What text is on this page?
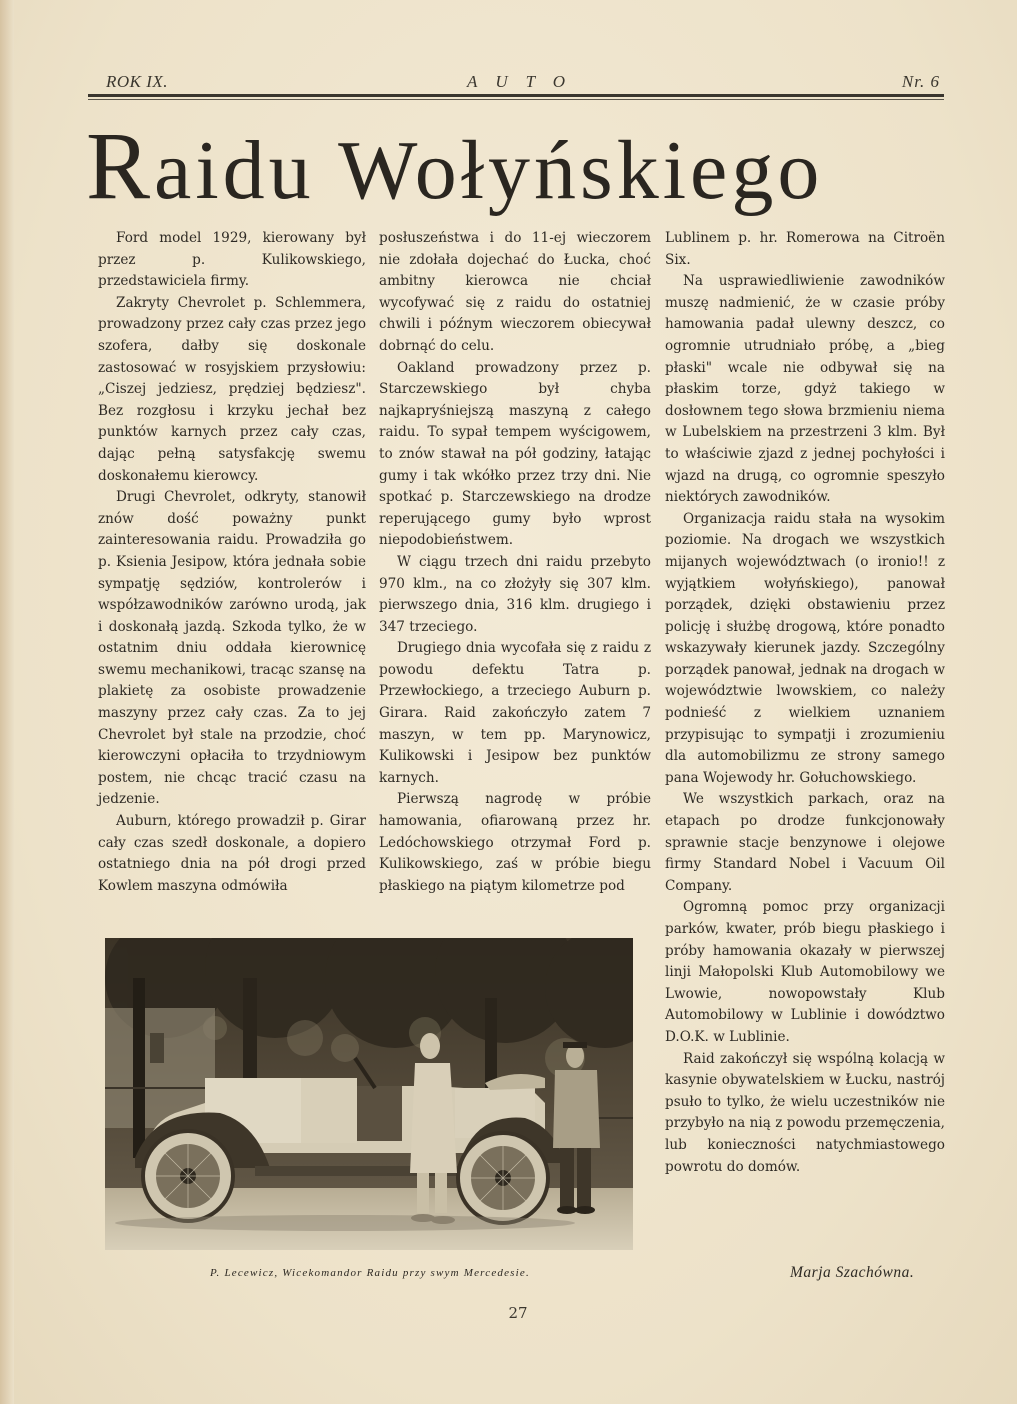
ROK IX.	AUTO	Nr. 6
Raidu Wołyńskiego

Ford model 1929, kierowany był przez p. Kulikowskiego, przedstawiciela firmy.

Zakryty Chevrolet p. Schlemmera, prowadzony przez cały czas przez jego szofera, dałby się doskonale zastosować w rosyjskiem przysłowiu: „Ciszej jedziesz, prędziej będziesz". Bez rozgłosu i krzyku jechał bez punktów karnych przez cały czas, dając pełną satysfakcję swemu doskonałemu kierowcy.

Drugi Chevrolet, odkryty, stanowił znów dość poważny punkt zainteresowania raidu. Prowadziła go p. Ksienia Jesipow, która jednała sobie sympatję sędziów, kontrolerów i współzawodników zarówno urodą, jak i doskonałą jazdą. Szkoda tylko, że w ostatnim dniu oddała kierownicę swemu mechanikowi, tracąc szansę na plakietę za osobiste prowadzenie maszyny przez cały czas. Za to jej Chevrolet był stale na przodzie, choć kierowczyni opłaciła to trzydniowym postem, nie chcąc tracić czasu na jedzenie.

Auburn, którego prowadził p. Girar cały czas szedł doskonale, a dopiero ostatniego dnia na pół drogi przed Kowlem maszyna odmówiła

posłuszeństwa i do 11-ej wieczorem nie zdołała dojechać do Łucka, choć ambitny kierowca nie chciał wycofywać się z raidu do ostatniej chwili i późnym wieczorem obiecywał dobrnąć do celu.

Oakland prowadzony przez p. Starczewskiego był chyba najkapryśniejszą maszyną z całego raidu. To sypał tempem wyścigowem, to znów stawał na pół godziny, łatając gumy i tak wkółko przez trzy dni. Nie spotkać p. Starczewskiego na drodze reperującego gumy było wprost niepodobieństwem.

W ciągu trzech dni raidu przebyto 970 klm., na co złożyły się 307 klm. pierwszego dnia, 316 klm. drugiego i 347 trzeciego.

Drugiego dnia wycofała się z raidu z powodu defektu Tatra p. Przewłockiego, a trzeciego Auburn p. Girara. Raid zakończyło zatem 7 maszyn, w tem pp. Marynowicz, Kulikowski i Jesipow bez punktów karnych.

Pierwszą nagrodę w próbie hamowania, ofiarowaną przez hr. Ledóchowskiego otrzymał Ford p. Kulikowskiego, zaś w próbie biegu płaskiego na piątym kilometrze pod

Lublinem p. hr. Romerowa na Citroën Six.

Na usprawiedliwienie zawodników muszę nadmienić, że w czasie próby hamowania padał ulewny deszcz, co ogromnie utrudniało próbę, a „bieg płaski" wcale nie odbywał się na płaskim torze, gdyż takiego w dosłownem tego słowa brzmieniu niema w Lubelskiem na przestrzeni 3 klm. Był to właściwie zjazd z jednej pochyłości i wjazd na drugą, co ogromnie speszyło niektórych zawodników.

Organizacja raidu stała na wysokim poziomie. Na drogach we wszystkich mijanych województwach (o ironio!! z wyjątkiem wołyńskiego), panował porządek, dzięki obstawieniu przez policję i służbę drogową, które ponadto wskazywały kierunek jazdy. Szczególny porządek panował, jednak na drogach w województwie lwowskiem, co należy podnieść z wielkiem uznaniem przypisując to sympatji i zrozumieniu dla automobilizmu ze strony samego pana Wojewody hr. Gołuchowskiego.

We wszystkich parkach, oraz na etapach po drodze funkcjonowały sprawnie stacje benzynowe i olejowe firmy Standard Nobel i Vacuum Oil Company.

Ogromną pomoc przy organizacji parków, kwater, prób biegu płaskiego i próby hamowania okazały w pierwszej linji Małopolski Klub Automobilowy we Lwowie, nowopowstały Klub Automobilowy w Lublinie i dowództwo D.O.K. w Lublinie.

Raid zakończył się wspólną kolacją w kasynie obywatelskiem w Łucku, nastrój psuło to tylko, że wielu uczestników nie przybyło na nią z powodu przemęczenia, lub konieczności natychmiastowego powrotu do domów.

Marja Szachówna.
P. Lecewicz, Wicekomandor Raidu przy swym Mercedesie.
27
